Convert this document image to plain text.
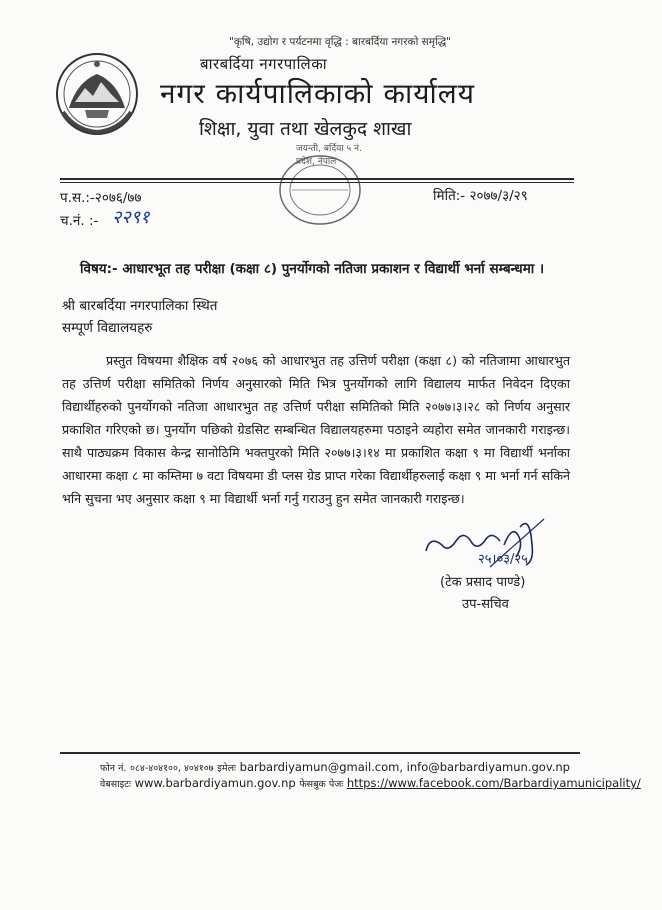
"कृषि, उद्योग र पर्यटनमा वृद्धि : बारबर्दिया नगरको समृद्धि"
बारबर्दिया नगरपालिका
नगर कार्यपालिकाको कार्यालय
शिक्षा, युवा तथा खेलकुद शाखा
जयन्ती, बर्दिया ५ नं. प्रदेश, नेपाल
प.स.:-२०७६/७७
च.नं. :- २२९१
मिति:- २०७७/३/२९
विषय:- आधारभूत तह परीक्षा (कक्षा ८) पुनर्योगको नतिजा प्रकाशन र विद्यार्थी भर्ना सम्बन्धमा ।
श्री बारबर्दिया नगरपालिका स्थित
सम्पूर्ण विद्यालयहरु
प्रस्तुत विषयमा शैक्षिक वर्ष २०७६ को आधारभुत तह उत्तिर्ण परीक्षा (कक्षा ८) को नतिजामा आधारभुत तह उत्तिर्ण परीक्षा समितिको निर्णय अनुसारको मिति भित्र पुनर्योगको लागि विद्यालय मार्फत निवेदन दिएका विद्यार्थीहरुको पुनर्योगको नतिजा आधारभुत तह उत्तिर्ण परीक्षा समितिको मिति २०७७।३।२८ को निर्णय अनुसार प्रकाशित गरिएको छ। पुनर्योग पछिको ग्रेडसिट सम्बन्धित विद्यालयहरुमा पठाइने व्यहोरा समेत जानकारी गराइन्छ।साथै पाठ्यक्रम विकास केन्द्र सानोठिमि भक्तपुरको मिति २०७७।३।१४ मा प्रकाशित कक्षा ९ मा विद्यार्थी भर्नाका आधारमा कक्षा ८ मा कम्तिमा ७ वटा विषयमा डी प्लस ग्रेड प्राप्त गरेका विद्यार्थीहरुलाई कक्षा ९ मा भर्ना गर्न सकिने भनि सुचना भए अनुसार कक्षा ९ मा विद्यार्थी भर्ना गर्नु गराउनु हुन समेत जानकारी गराइन्छ।
२५।०३/२५
(टेक प्रसाद पाण्डे)
उप-सचिव
फोन नं. ०८४-४०४१००, ४०४१०७ इमेलः barbardiyamun@gmail.com, info@barbardiyamun.gov.np
वेबसाइटः www.barbardiyamun.gov.np फेसबुक पेजः https://www.facebook.com/Barbardiyamunicipality/
